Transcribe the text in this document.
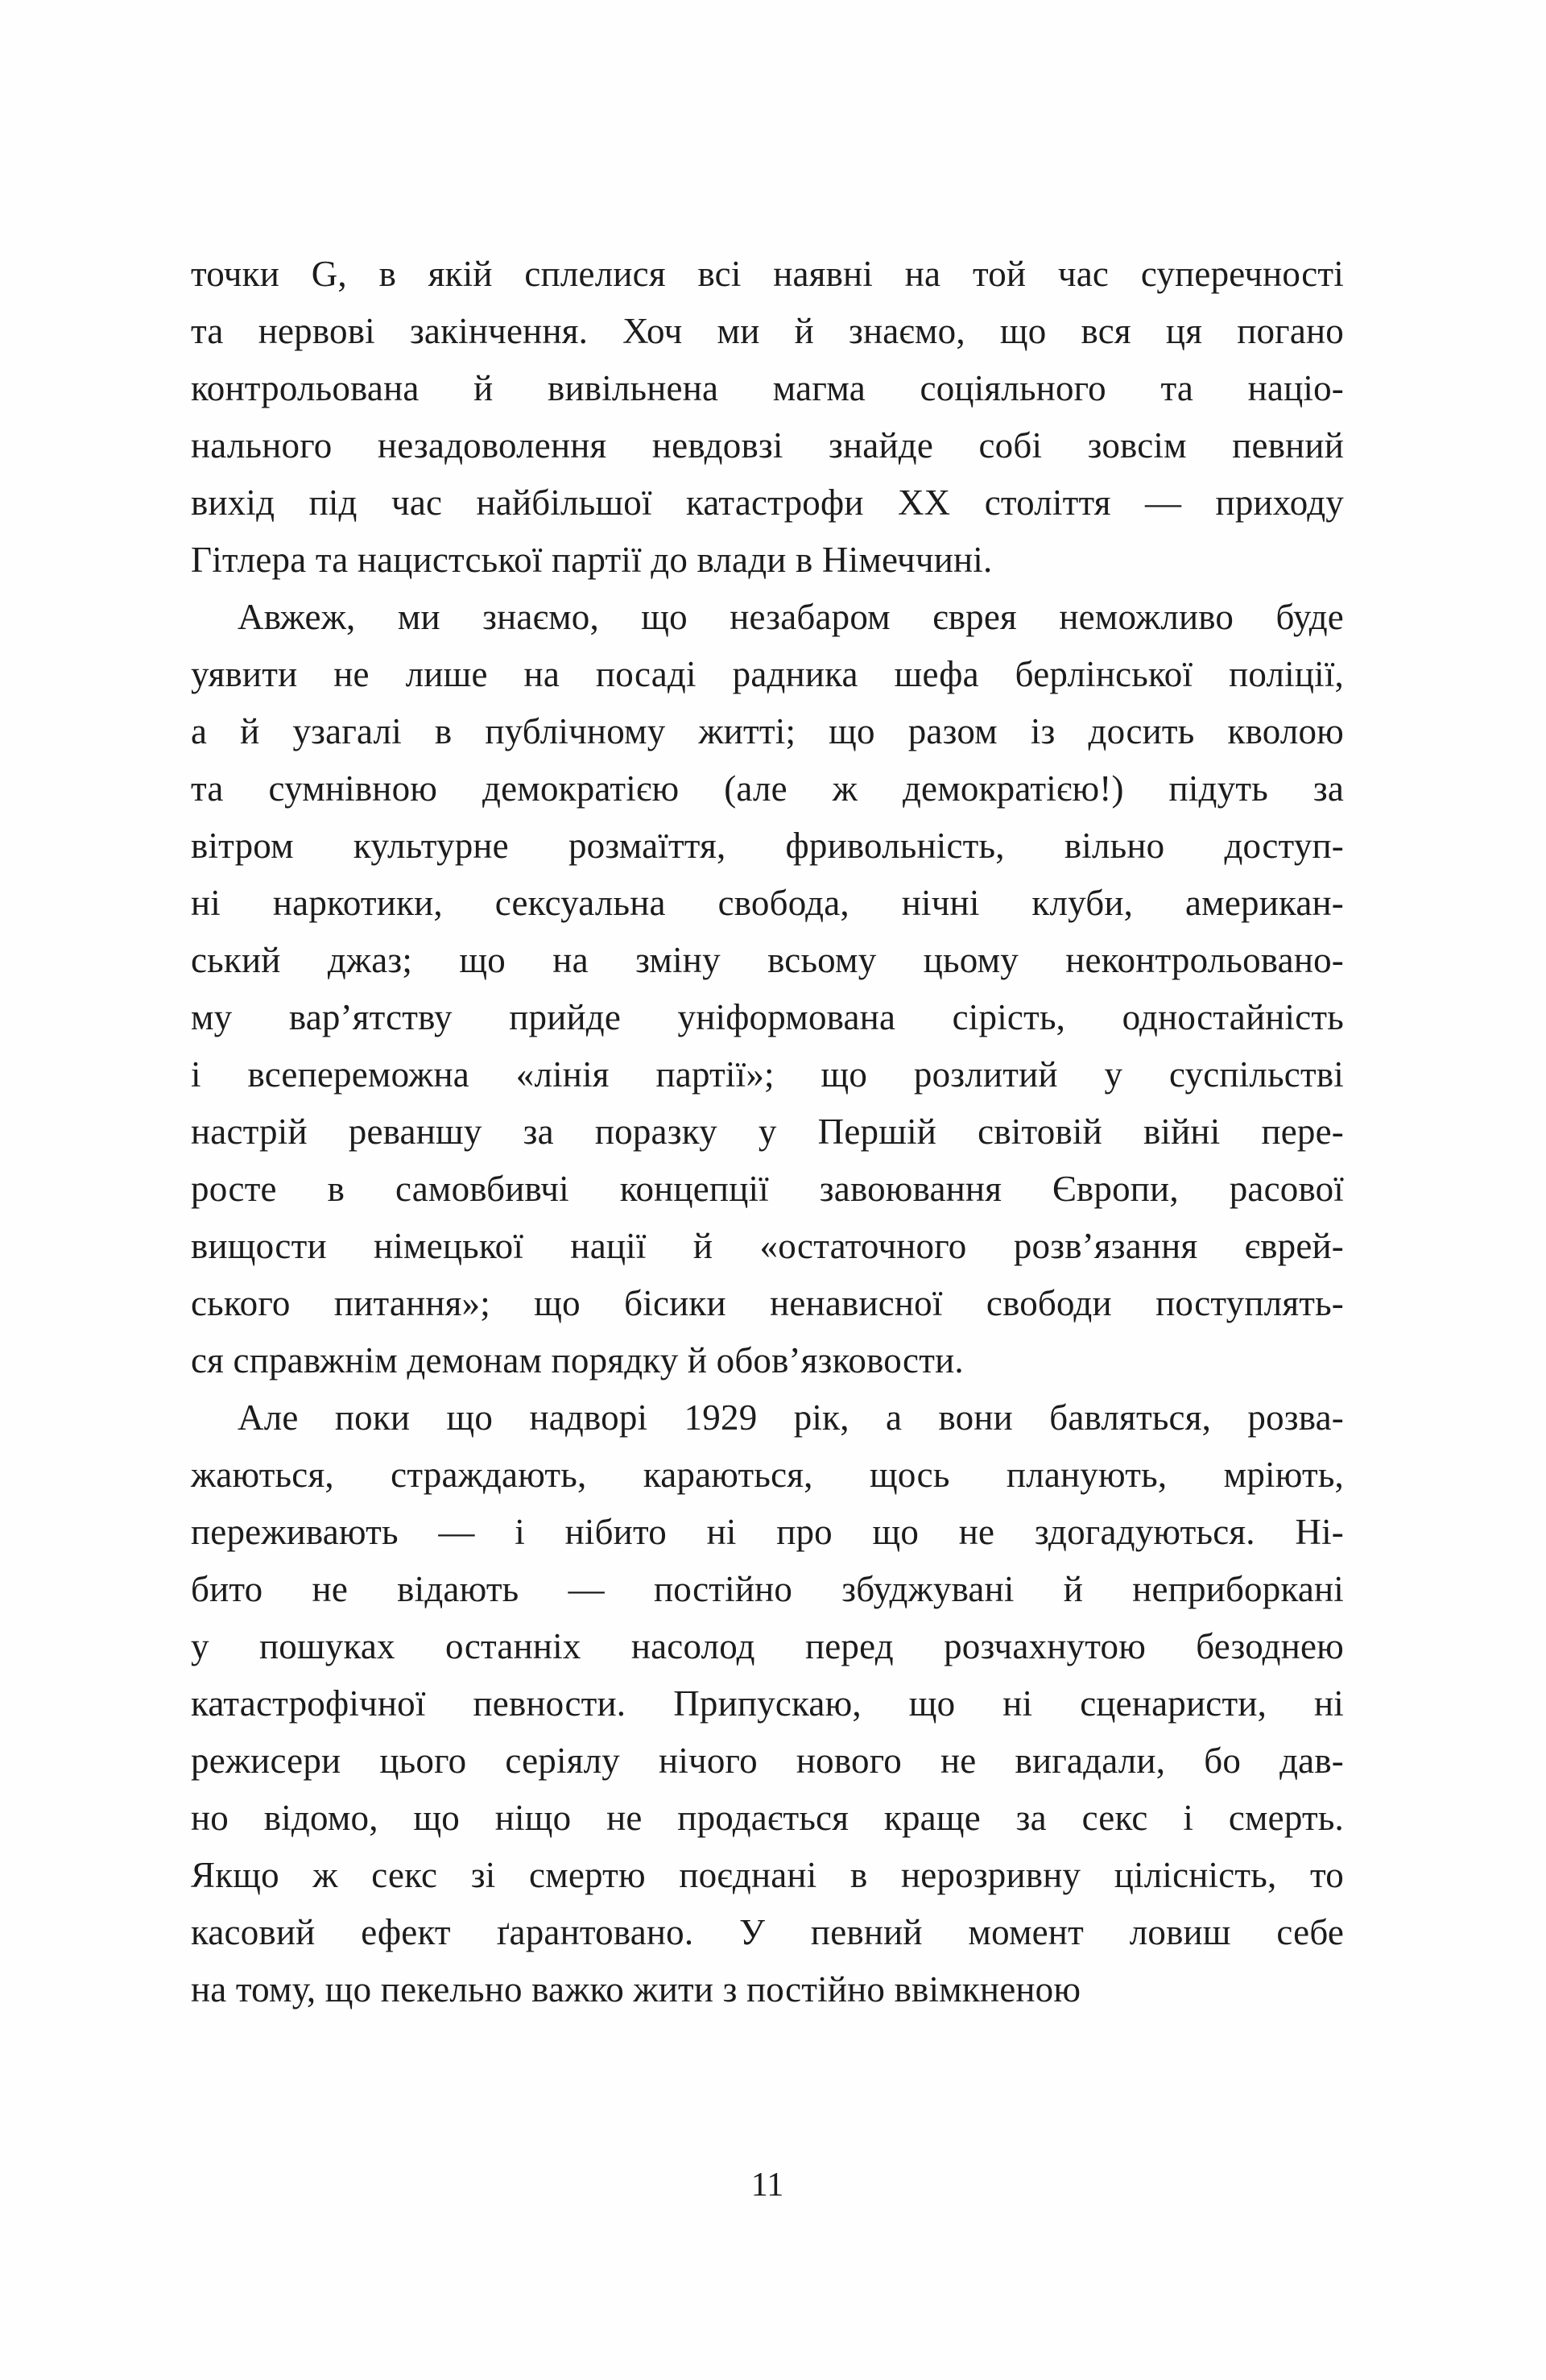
точки G, в якій сплелися всі наявні на той час суперечності
та нервові закінчення. Хоч ми й знаємо, що вся ця погано
контрольована й вивільнена магма соціяльного та націо-
нального незадоволення невдовзі знайде собі зовсім певний
вихід під час найбільшої катастрофи ХХ століття — приходу
Гітлера та нацистської партії до влади в Німеччині.

Авжеж, ми знаємо, що незабаром єврея неможливо буде
уявити не лише на посаді радника шефа берлінської поліції,
а й узагалі в публічному житті; що разом із досить кволою
та сумнівною демократією (але ж демократією!) підуть за
вітром культурне розмаїття, фривольність, вільно доступ-
ні наркотики, сексуальна свобода, нічні клуби, американ-
ський джаз; що на зміну всьому цьому неконтрольовано-
му вар’ятству прийде уніформована сірість, одностайність
і всепереможна «лінія партії»; що розлитий у суспільстві
настрій реваншу за поразку у Першій світовій війні пере-
росте в самовбивчі концепції завоювання Європи, расової
вищости німецької нації й «остаточного розв’язання єврей-
ського питання»; що бісики ненависної свободи поступлять-
ся справжнім демонам порядку й обов’язковости.

Але поки що надворі 1929 рік, а вони бавляться, розва-
жаються, страждають, караються, щось планують, мріють,
переживають — і нібито ні про що не здогадуються. Ні-
бито не відають — постійно збуджувані й неприборкані
у пошуках останніх насолод перед розчахнутою безоднею
катастрофічної певности. Припускаю, що ні сценаристи, ні
режисери цього серіялу нічого нового не вигадали, бо дав-
но відомо, що ніщо не продається краще за секс і смерть.
Якщо ж секс зі смертю поєднані в нерозривну цілісність, то
касовий ефект ґарантовано. У певний момент ловиш себе
на тому, що пекельно важко жити з постійно ввімкненою

11
